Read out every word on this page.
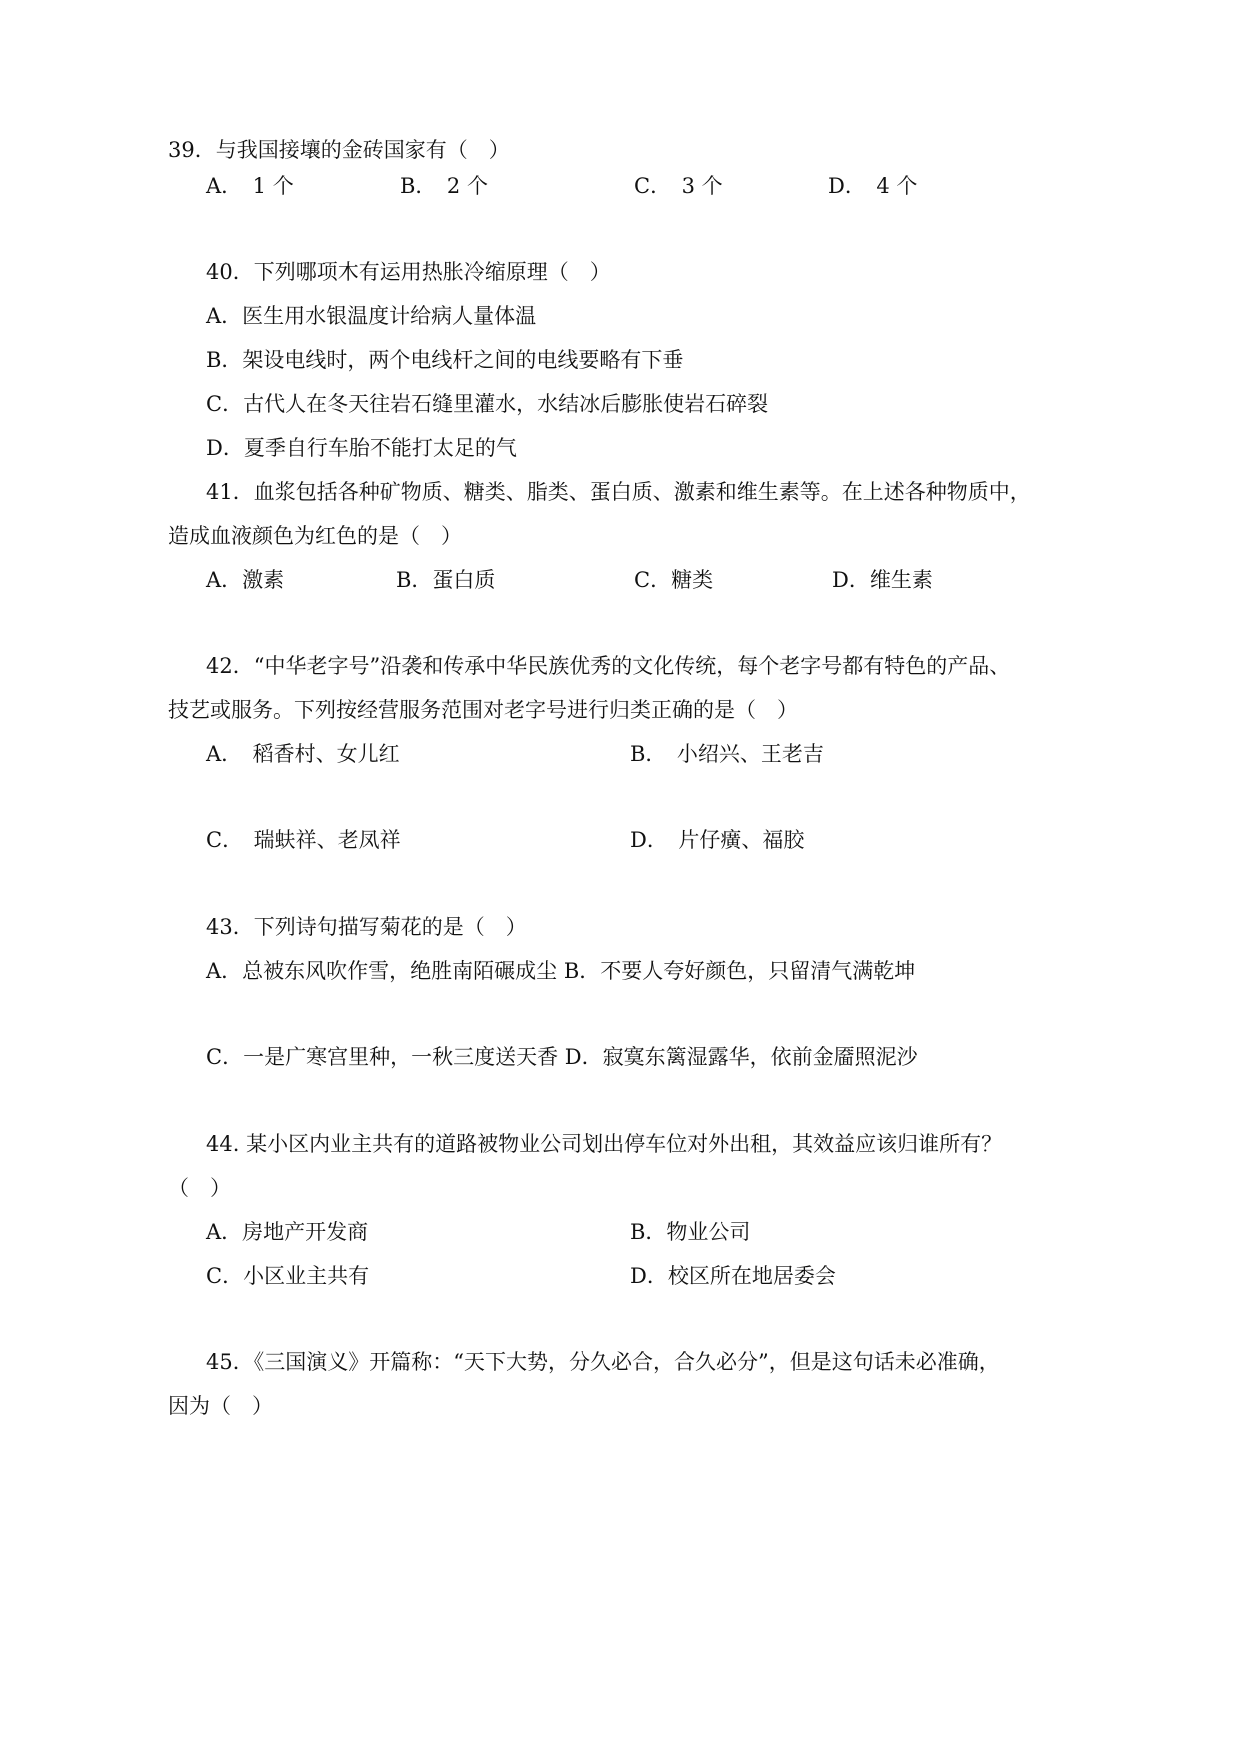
39．与我国接壤的金砖国家有（　）
A．　1 个	B．　2 个	C．　3 个	D．　4 个
40．下列哪项木有运用热胀冷缩原理（　）
A．医生用水银温度计给病人量体温
B．架设电线时，两个电线杆之间的电线要略有下垂
C．古代人在冬天往岩石缝里灌水，水结冰后膨胀使岩石碎裂
D．夏季自行车胎不能打太足的气
41．血浆包括各种矿物质、糖类、脂类、蛋白质、激素和维生素等。在上述各种物质中，
造成血液颜色为红色的是（　）
A．激素	B．蛋白质	C．糖类	D．维生素
42．“中华老字号”沿袭和传承中华民族优秀的文化传统，每个老字号都有特色的产品、
技艺或服务。下列按经营服务范围对老字号进行归类正确的是（　）
A．　稻香村、女儿红	B．　小绍兴、王老吉
C．　瑞蚨祥、老凤祥	D．　片仔癀、福胶
43．下列诗句描写菊花的是（　）
A．总被东风吹作雪，绝胜南陌碾成尘 B．不要人夸好颜色，只留清气满乾坤
C．一是广寒宫里种，一秋三度送天香 D．寂寞东篱湿露华，依前金靥照泥沙
44. 某小区内业主共有的道路被物业公司划出停车位对外出租，其效益应该归谁所有？
（　）
A．房地产开发商	B．物业公司
C．小区业主共有	D．校区所在地居委会
45．《三国演义》开篇称：“天下大势，分久必合，合久必分”，但是这句话未必准确，
因为（　）
